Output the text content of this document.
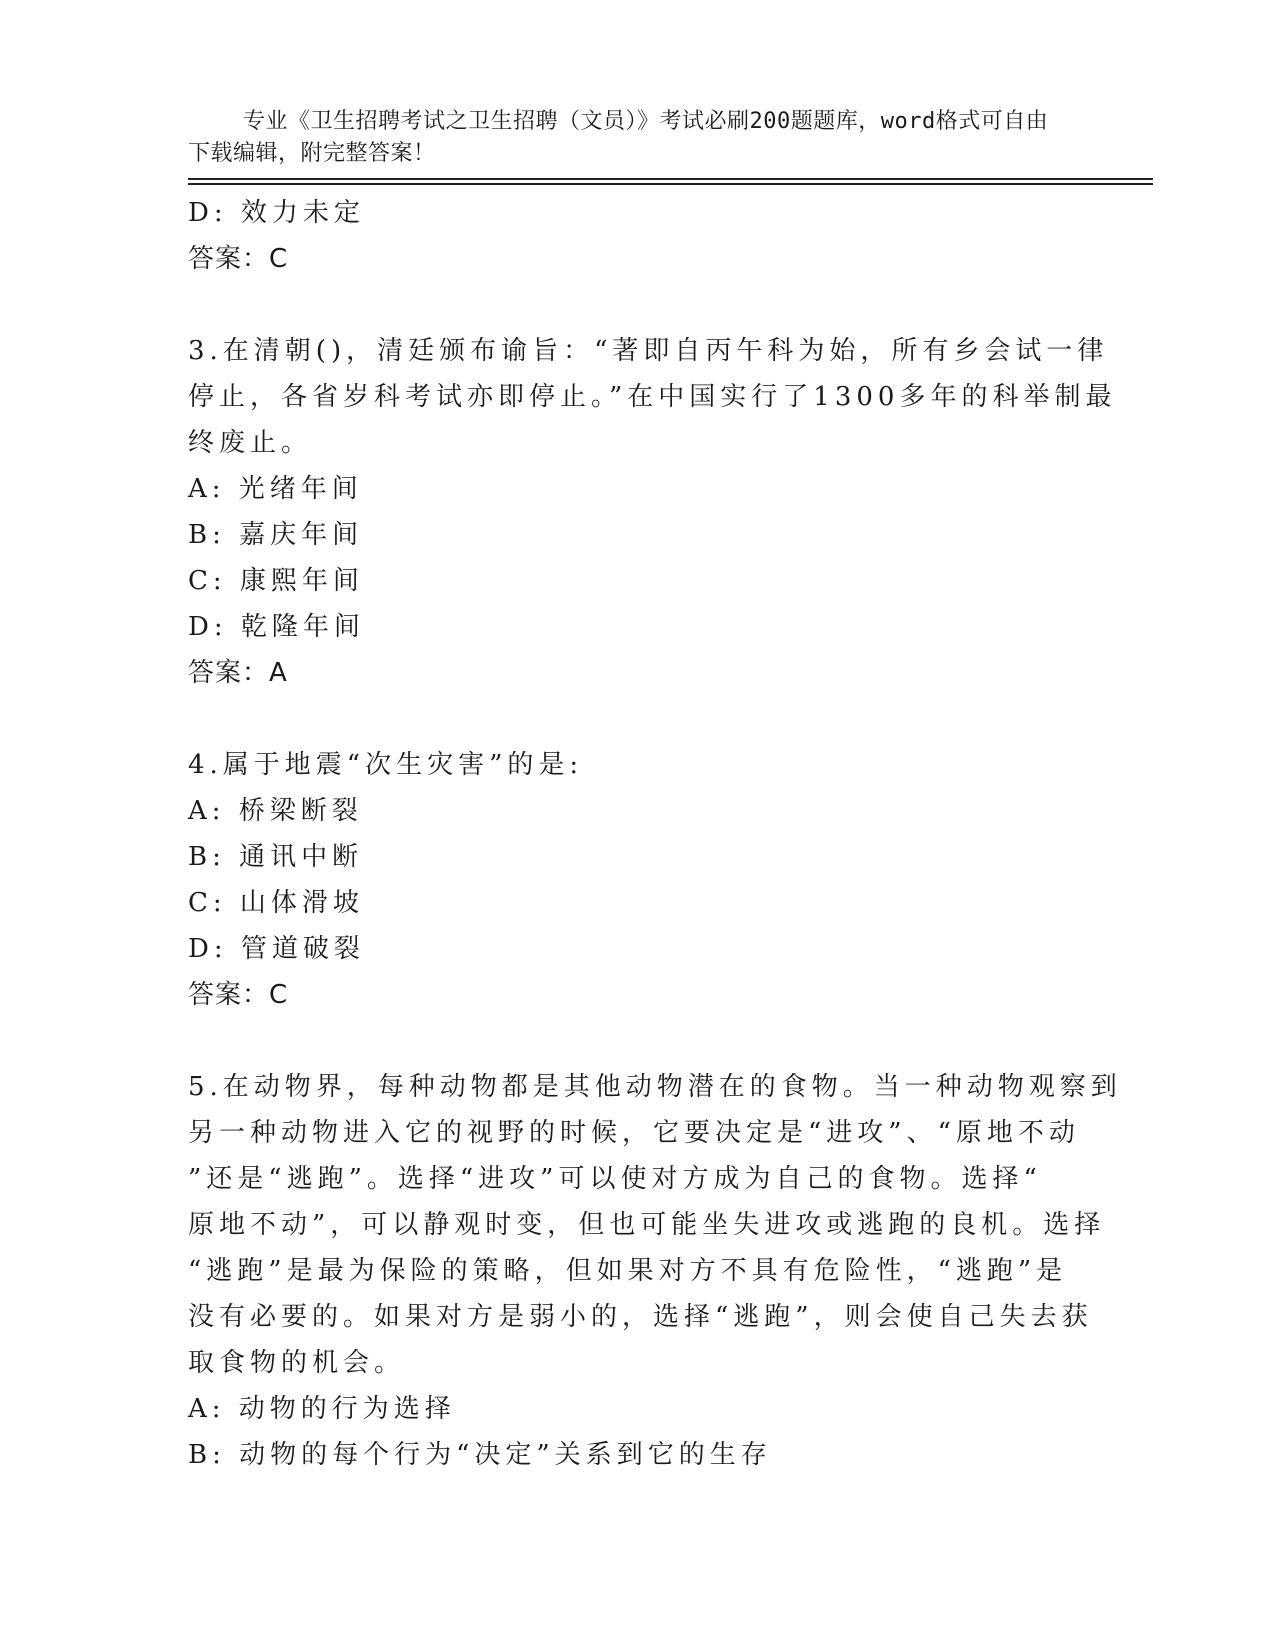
专业《卫生招聘考试之卫生招聘（文员）》考试必刷200题题库，word格式可自由下载编辑，附完整答案！

D: 效力未定
答案：C
3.在清朝()，清廷颁布谕旨：“著即自丙午科为始，所有乡会试一律
停止，各省岁科考试亦即停止。”在中国实行了1300多年的科举制最
终废止。
A: 光绪年间
B: 嘉庆年间
C: 康熙年间
D: 乾隆年间
答案：A
4.属于地震“次生灾害”的是:
A: 桥梁断裂
B: 通讯中断
C: 山体滑坡
D: 管道破裂
答案：C
5.在动物界，每种动物都是其他动物潜在的食物。当一种动物观察到
另一种动物进入它的视野的时候，它要决定是“进攻”、“原地不动
”还是“逃跑”。选择“进攻”可以使对方成为自己的食物。选择“
原地不动”，可以静观时变，但也可能坐失进攻或逃跑的良机。选择
“逃跑”是最为保险的策略，但如果对方不具有危险性，“逃跑”是
没有必要的。如果对方是弱小的，选择“逃跑”，则会使自己失去获
取食物的机会。
A: 动物的行为选择
B: 动物的每个行为“决定”关系到它的生存
